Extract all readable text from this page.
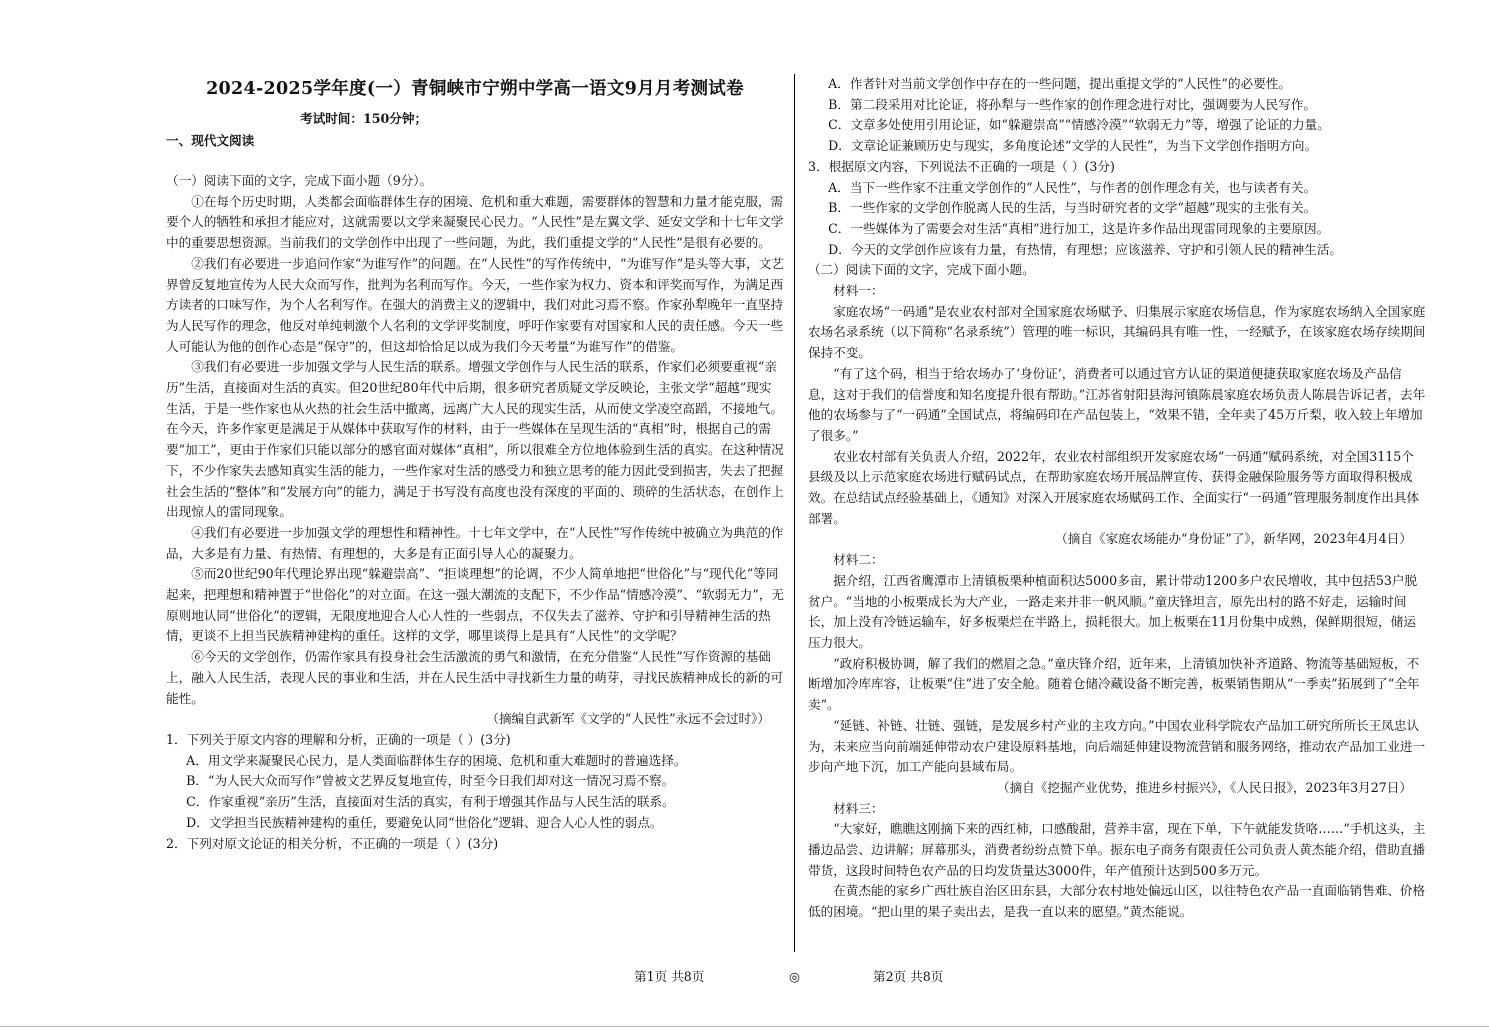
2024-2025学年度(一）青铜峡市宁朔中学高一语文9月月考测试卷
考试时间：150分钟；
一、现代文阅读

（一）阅读下面的文字，完成下面小题（9分）。

①在每个历史时期，人类都会面临群体生存的困境、危机和重大难题，需要群体的智慧和力量才能克服，需要个人的牺牲和承担才能应对，这就需要以文学来凝聚民心民力。“人民性”是左翼文学、延安文学和十七年文学中的重要思想资源。当前我们的文学创作中出现了一些问题，为此，我们重提文学的“人民性”是很有必要的。

②我们有必要进一步追问作家“为谁写作”的问题。在“人民性”的写作传统中，“为谁写作”是头等大事，文艺界曾反复地宣传为人民大众而写作，批判为名利而写作。今天，一些作家为权力、资本和评奖而写作，为满足西方读者的口味写作，为个人名利写作。在强大的消费主义的逻辑中，我们对此习焉不察。作家孙犁晚年一直坚持为人民写作的理念，他反对单纯刺激个人名利的文学评奖制度，呼吁作家要有对国家和人民的责任感。今天一些人可能认为他的创作心态是“保守”的，但这却恰恰足以成为我们今天考量“为谁写作”的借鉴。

③我们有必要进一步加强文学与人民生活的联系。增强文学创作与人民生活的联系，作家们必须要重视“亲历”生活，直接面对生活的真实。但20世纪80年代中后期，很多研究者质疑文学反映论，主张文学“超越”现实生活，于是一些作家也从火热的社会生活中撤离，远离广大人民的现实生活，从而使文学凌空高蹈，不接地气。在今天，许多作家更是满足于从媒体中获取写作的材料，由于一些媒体在呈现生活的“真相”时，根据自己的需要“加工”，更由于作家们只能以部分的感官面对媒体“真相”，所以很难全方位地体验到生活的真实。在这种情况下，不少作家失去感知真实生活的能力，一些作家对生活的感受力和独立思考的能力因此受到损害，失去了把握社会生活的“整体”和“发展方向”的能力，满足于书写没有高度也没有深度的平面的、琐碎的生活状态，在创作上出现惊人的雷同现象。

④我们有必要进一步加强文学的理想性和精神性。十七年文学中，在“人民性”写作传统中被确立为典范的作品，大多是有力量、有热情、有理想的，大多是有正面引导人心的凝聚力。

⑤而20世纪90年代理论界出现“躲避崇高”、“拒谈理想”的论调，不少人简单地把“世俗化”与“现代化”等同起来，把理想和精神置于“世俗化”的对立面。在这一强大潮流的支配下，不少作品“情感冷漠”、“软弱无力”，无原则地认同“世俗化”的逻辑，无限度地迎合人心人性的一些弱点，不仅失去了滋养、守护和引导精神生活的热情，更谈不上担当民族精神建构的重任。这样的文学，哪里谈得上是具有“人民性”的文学呢？

⑥今天的文学创作，仍需作家具有投身社会生活激流的勇气和激情，在充分借鉴“人民性”写作资源的基础上，融入人民生活，表现人民的事业和生活，并在人民生活中寻找新生力量的萌芽，寻找民族精神成长的新的可能性。

（摘编自武新军《文学的“人民性”永远不会过时》）

1．下列关于原文内容的理解和分析，正确的一项是（ ）(3分)

A．用文学来凝聚民心民力，是人类面临群体生存的困境、危机和重大难题时的普遍选择。

B．“为人民大众而写作”曾被文艺界反复地宣传，时至今日我们却对这一情况习焉不察。

C．作家重视“亲历”生活，直接面对生活的真实，有利于增强其作品与人民生活的联系。

D．文学担当民族精神建构的重任，要避免认同“世俗化”逻辑、迎合人心人性的弱点。

2．下列对原文论证的相关分析，不正确的一项是（ ）(3分)

A．作者针对当前文学创作中存在的一些问题，提出重提文学的“人民性”的必要性。

B．第二段采用对比论证，将孙犁与一些作家的创作理念进行对比，强调要为人民写作。

C．文章多处使用引用论证，如“躲避崇高”“情感冷漠”“软弱无力”等，增强了论证的力量。

D．文章论证兼顾历史与现实，多角度论述“文学的人民性”，为当下文学创作指明方向。

3．根据原文内容，下列说法不正确的一项是（ ）(3分)

A．当下一些作家不注重文学创作的“人民性”，与作者的创作理念有关，也与读者有关。

B．一些作家的文学创作脱离人民的生活，与当时研究者的文学“超越”现实的主张有关。

C．一些媒体为了需要会对生活“真相”进行加工，这是许多作品出现雷同现象的主要原因。

D．今天的文学创作应该有力量，有热情，有理想；应该滋养、守护和引领人民的精神生活。

（二）阅读下面的文字，完成下面小题。

材料一：

家庭农场“一码通”是农业农村部对全国家庭农场赋予、归集展示家庭农场信息，作为家庭农场纳入全国家庭农场名录系统（以下简称“名录系统”）管理的唯一标识，其编码具有唯一性，一经赋予，在该家庭农场存续期间保持不变。

“有了这个码，相当于给农场办了‘身份证’，消费者可以通过官方认证的渠道便捷获取家庭农场及产品信息，这对于我们的信誉度和知名度提升很有帮助。”江苏省射阳县海河镇陈晨家庭农场负责人陈晨告诉记者，去年他的农场参与了“一码通”全国试点，将编码印在产品包装上，“效果不错，全年卖了45万斤梨，收入较上年增加了很多。”

农业农村部有关负责人介绍，2022年，农业农村部组织开发家庭农场“一码通”赋码系统，对全国3115个县级及以上示范家庭农场进行赋码试点，在帮助家庭农场开展品牌宣传、获得金融保险服务等方面取得积极成效。在总结试点经验基础上，《通知》对深入开展家庭农场赋码工作、全面实行“一码通”管理服务制度作出具体部署。

（摘自《家庭农场能办“身份证”了》，新华网，2023年4月4日）

材料二：

据介绍，江西省鹰潭市上清镇板栗种植面积达5000多亩，累计带动1200多户农民增收，其中包括53户脱贫户。“当地的小板栗成长为大产业，一路走来并非一帆风顺。”童庆锋坦言，原先出村的路不好走，运输时间长，加上没有冷链运输车，好多板栗烂在半路上，损耗很大。加上板栗在11月份集中成熟，保鲜期很短，储运压力很大。

“政府积极协调，解了我们的燃眉之急。”童庆锋介绍，近年来，上清镇加快补齐道路、物流等基础短板，不断增加冷库库容，让板栗“住”进了安全舱。随着仓储冷藏设备不断完善，板栗销售期从“一季卖”拓展到了“全年卖”。

“延链、补链、壮链、强链，是发展乡村产业的主攻方向。”中国农业科学院农产品加工研究所所长王凤忠认为，未来应当向前端延伸带动农户建设原料基地，向后端延伸建设物流营销和服务网络，推动农产品加工业进一步向产地下沉，加工产能向县域布局。

（摘自《挖掘产业优势，推进乡村振兴》，《人民日报》，2023年3月27日）

材料三：

“大家好，瞧瞧这刚摘下来的西红柿，口感酸甜，营养丰富，现在下单，下午就能发货咯……”手机这头，主播边品尝、边讲解；屏幕那头，消费者纷纷点赞下单。振东电子商务有限责任公司负责人黄杰能介绍，借助直播带货，这段时间特色农产品的日均发货量达3000件，年产值预计达到500多万元。

在黄杰能的家乡广西壮族自治区田东县，大部分农村地处偏远山区，以往特色农产品一直面临销售难、价格低的困境。“把山里的果子卖出去，是我一直以来的愿望。”黄杰能说。

第1页 共8页	◎	第2页 共8页
